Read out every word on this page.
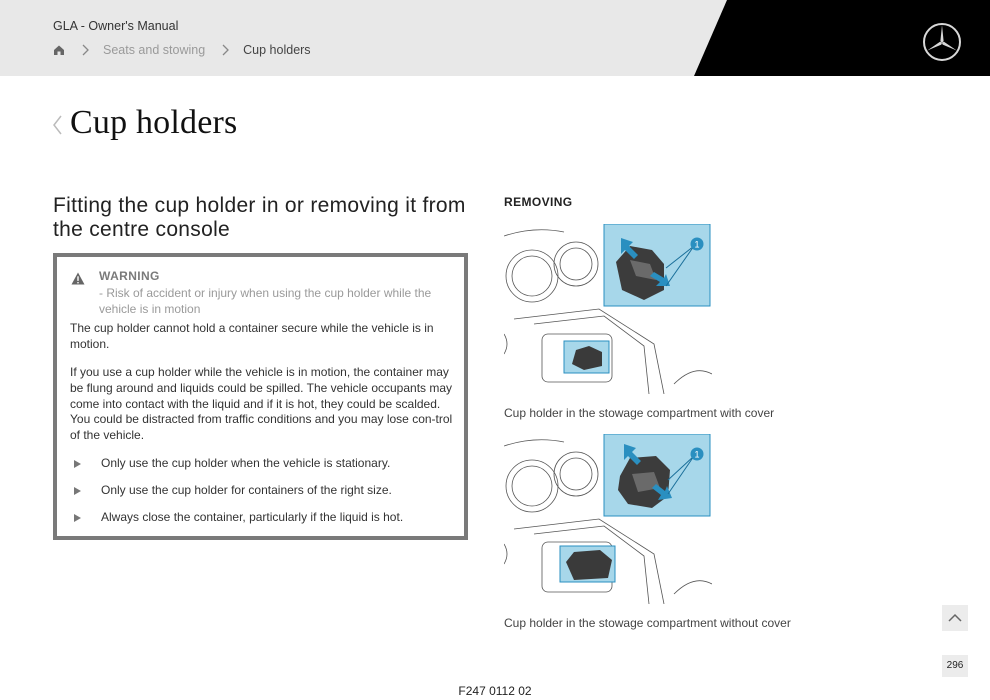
GLA - Owner's Manual
Seats and stowing	Cup holders
Cup holders
Fitting the cup holder in or removing it from the centre console
WARNING
- Risk of accident or injury when using the cup holder while the vehicle is in motion

The cup holder cannot hold a container secure while the vehicle is in motion.

If you use a cup holder while the vehicle is in motion, the container may be flung around and liquids could be spilled. The vehicle occupants may come into contact with the liquid and if it is hot, they could be scalded. You could be distracted from traffic conditions and you may lose con-trol of the vehicle.

Only use the cup holder when the vehicle is stationary.
Only use the cup holder for containers of the right size.
Always close the container, particularly if the liquid is hot.
REMOVING
1
Cup holder in the stowage compartment with cover
1
Cup holder in the stowage compartment without cover
296
F247 0112 02
